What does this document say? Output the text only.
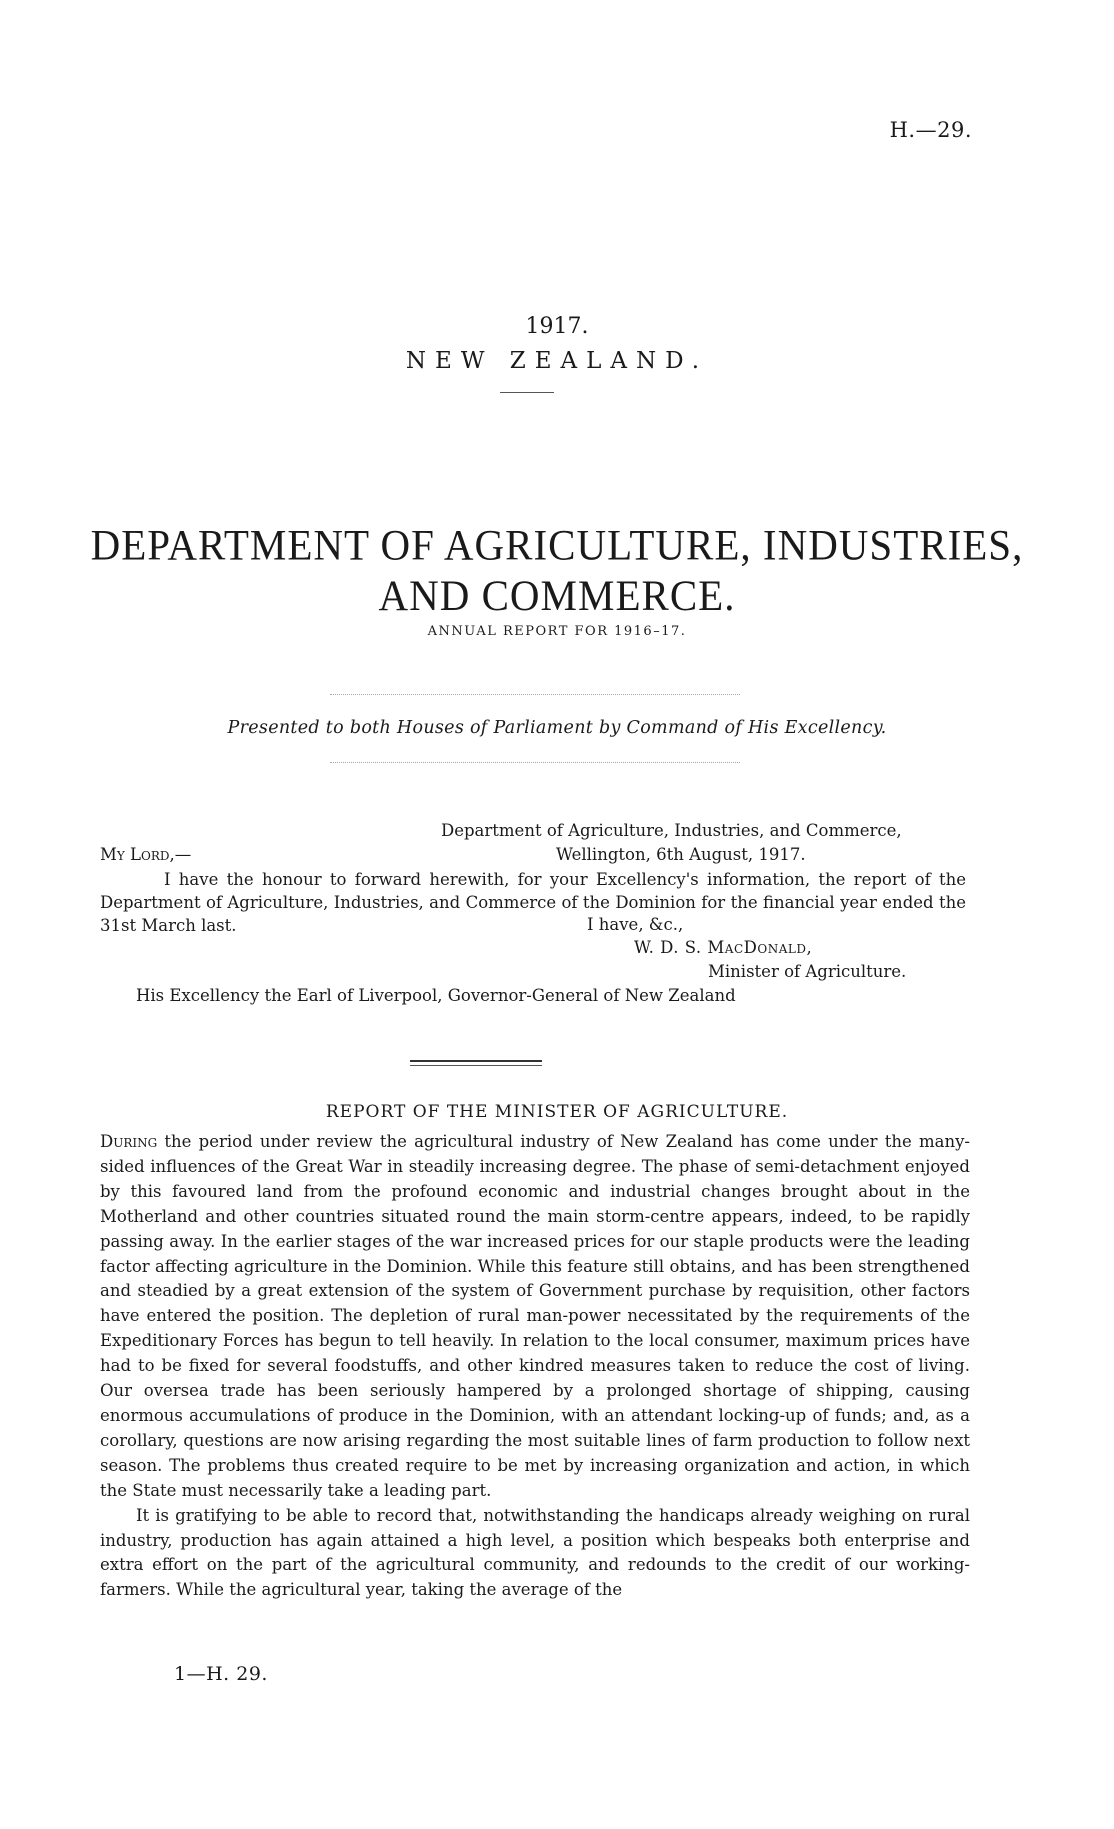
H.—29.
1917.
NEW ZEALAND.
DEPARTMENT OF AGRICULTURE, INDUSTRIES, AND COMMERCE.
ANNUAL REPORT FOR 1916–17.
Presented to both Houses of Parliament by Command of His Excellency.
Department of Agriculture, Industries, and Commerce,
My Lord,—	Wellington, 6th August, 1917.
I have the honour to forward herewith, for your Excellency's information, the report of the Department of Agriculture, Industries, and Commerce of the Dominion for the financial year ended the 31st March last.	I have, &c.,
W. D. S. MacDonald,
Minister of Agriculture.
His Excellency the Earl of Liverpool, Governor-General of New Zealand
REPORT OF THE MINISTER OF AGRICULTURE.

During the period under review the agricultural industry of New Zealand has come under the many-sided influences of the Great War in steadily increasing degree. The phase of semi-detachment enjoyed by this favoured land from the profound economic and industrial changes brought about in the Motherland and other countries situated round the main storm-centre appears, indeed, to be rapidly passing away. In the earlier stages of the war increased prices for our staple products were the leading factor affecting agriculture in the Dominion. While this feature still obtains, and has been strengthened and steadied by a great extension of the system of Government purchase by requisition, other factors have entered the position. The depletion of rural man-power necessitated by the requirements of the Expeditionary Forces has begun to tell heavily. In relation to the local consumer, maximum prices have had to be fixed for several foodstuffs, and other kindred measures taken to reduce the cost of living. Our oversea trade has been seriously hampered by a prolonged shortage of shipping, causing enormous accumulations of produce in the Dominion, with an attendant locking-up of funds; and, as a corollary, questions are now arising regarding the most suitable lines of farm production to follow next season. The problems thus created require to be met by increasing organization and action, in which the State must necessarily take a leading part.

It is gratifying to be able to record that, notwithstanding the handicaps already weighing on rural industry, production has again attained a high level, a position which bespeaks both enterprise and extra effort on the part of the agricultural community, and redounds to the credit of our working-farmers. While the agricultural year, taking the average of the

1—H. 29.
